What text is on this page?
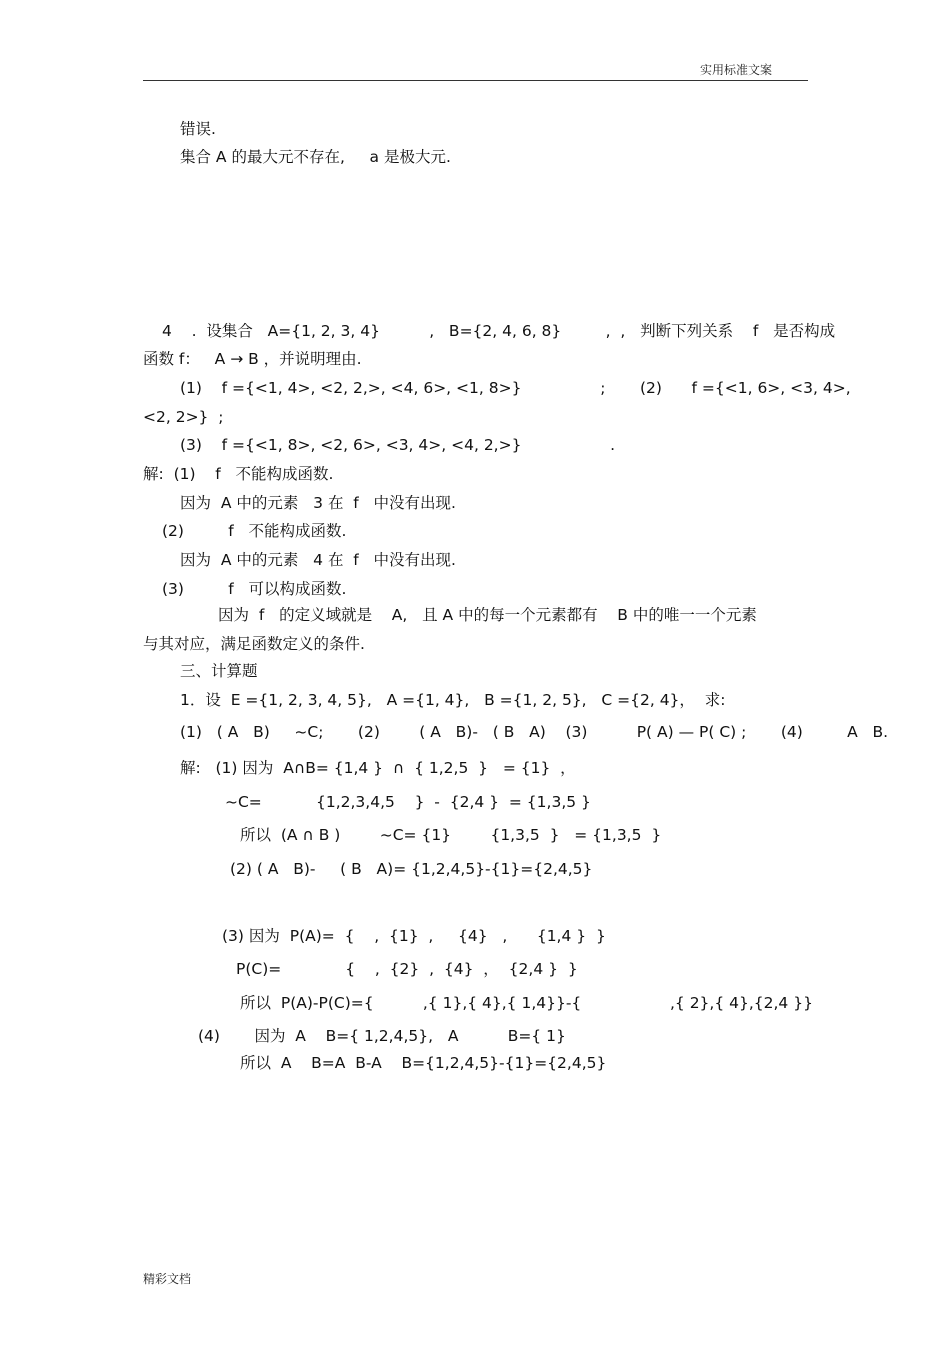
实用标准文案
错误.
集合 A 的最大元不存在,     a 是极大元.
4    .  设集合   A={1, 2, 3, 4}          ,   B={2, 4, 6, 8}         ,  ,   判断下列关系    f   是否构成
函数 f：   A → B ，并说明理由.
(1)    f ={<1, 4>, <2, 2,>, <4, 6>, <1, 8>}                ;       (2)      f ={<1, 6>, <3, 4>,
<2, 2>}  ;
(3)    f ={<1, 8>, <2, 6>, <3, 4>, <4, 2,>}                  .
解:  (1)    f   不能构成函数.
因为  A 中的元素   3 在  f   中没有出现.
(2)         f   不能构成函数.
因为  A 中的元素   4 在  f   中没有出现.
(3)         f   可以构成函数.
因为  f   的定义域就是    A,   且 A 中的每一个元素都有    B 中的唯一一个元素
与其对应，满足函数定义的条件.
三、计算题
1．设  E ={1, 2, 3, 4, 5},   A ={1, 4},   B ={1, 2, 5},   C ={2, 4}，  求:
(1)   ( A   B)     ~C;       (2)        ( A   B)-   ( B   A)    (3)          P( A) — P( C) ;       (4)         A   B.
解:   (1) 因为  A∩B= {1,4 }  ∩  { 1,2,5  }   = {1}  ，
~C=           {1,2,3,4,5    }  -  {2,4 }  = {1,3,5 }
所以  (A ∩ B )        ~C= {1}        {1,3,5  }   = {1,3,5  }
(2) ( A   B)-     ( B   A)= {1,2,4,5}-{1}={2,4,5}
(3) 因为  P(A)=  {    ,  {1}  ,     {4}   ,      {1,4 }  }
P(C)=             {    ,  {2}  ,  {4}  ，  {2,4 }  }
所以  P(A)-P(C)={          ,{ 1},{ 4},{ 1,4}}-{                  ,{ 2},{ 4},{2,4 }}
(4)       因为  A    B={ 1,2,4,5},   A          B={ 1}
所以  A    B=A  B-A    B={1,2,4,5}-{1}={2,4,5}
精彩文档
